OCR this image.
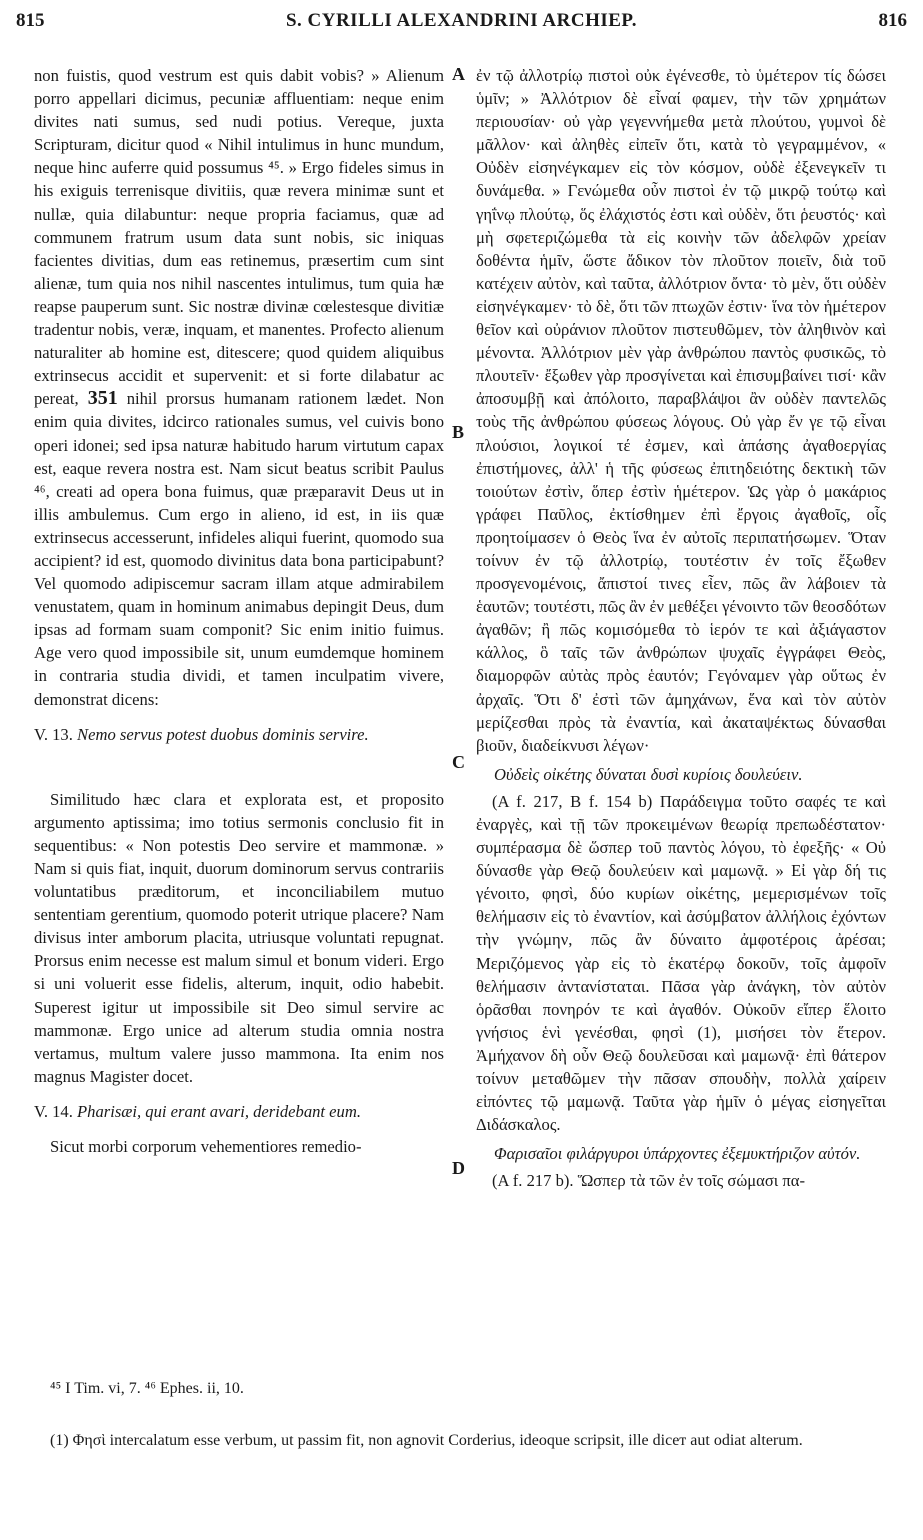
815	S. CYRILLI ALEXANDRINI ARCHIEP.	816

non fuistis, quod vestrum est quis dabit vobis? » Alienum porro appellari dicimus, pecuniæ affluentiam: neque enim divites nati sumus, sed nudi potius. Vereque, juxta Scripturam, dicitur quod « Nihil intulimus in hunc mundum, neque hinc auferre quid possumus ⁴⁵. » Ergo fideles simus in his exiguis terrenisque divitiis, quæ revera minimæ sunt et nullæ, quia dilabuntur: neque propria faciamus, quæ ad communem fratrum usum data sunt nobis, sic iniquas facientes divitias, dum eas retinemus, præsertim cum sint alienæ, tum quia nos nihil nascentes intulimus, tum quia hæ reapse pauperum sunt. Sic nostræ divinæ cœlestesque divitiæ tradentur nobis, veræ, inquam, et manentes. Profecto alienum naturaliter ab homine est, ditescere; quod quidem aliquibus extrinsecus accidit et supervenit: et si forte dilabatur ac pereat, 351 nihil prorsus humanam rationem lædet. Non enim quia divites, idcirco rationales sumus, vel cuivis bono operi idonei; sed ipsa naturæ habitudo harum virtutum capax est, eaque revera nostra est. Nam sicut beatus scribit Paulus ⁴⁶, creati ad opera bona fuimus, quæ præparavit Deus ut in illis ambulemus. Cum ergo in alieno, id est, in iis quæ extrinsecus accesserunt, infideles aliqui fuerint, quomodo sua accipient? id est, quomodo divinitus data bona participabunt? Vel quomodo adipiscemur sacram illam atque admirabilem venustatem, quam in hominum animabus depingit Deus, dum ipsas ad formam suam componit? Sic enim initio fuimus. Age vero quod impossibile sit, unum eumdemque hominem in contraria studia dividi, et tamen inculpatim vivere, demonstrat dicens:

V. 13. Nemo servus potest duobus dominis servire.

Similitudo hæc clara et explorata est, et proposito argumento aptissima; imo totius sermonis conclusio fit in sequentibus: « Non potestis Deo servire et mammonæ. » Nam si quis fiat, inquit, duorum dominorum servus contrariis voluntatibus præditorum, et inconciliabilem mutuo sententiam gerentium, quomodo poterit utrique placere? Nam divisus inter amborum placita, utriusque voluntati repugnat. Prorsus enim necesse est malum simul et bonum videri. Ergo si uni voluerit esse fidelis, alterum, inquit, odio habebit. Superest igitur ut impossibile sit Deo simul servire ac mammonæ. Ergo unice ad alterum studia omnia nostra vertamus, multum valere jusso mammona. Ita enim nos magnus Magister docet.

V. 14. Pharisæi, qui erant avari, deridebant eum.

Sicut morbi corporum vehementiores remedio-

A
B
C
D

ἐν τῷ ἀλλοτρίῳ πιστοὶ οὐκ ἐγένεσθε, τὸ ὑμέτερον τίς δώσει ὑμῖν; » Ἀλλότριον δὲ εἶναί φαμεν, τὴν τῶν χρημάτων περιουσίαν· οὐ γὰρ γεγεννήμεθα μετὰ πλούτου, γυμνοὶ δὲ μᾶλλον· καὶ ἀληθὲς εἰπεῖν ὅτι, κατὰ τὸ γεγραμμένον, « Οὐδὲν εἰσηνέγκαμεν εἰς τὸν κόσμον, οὐδὲ ἐξενεγκεῖν τι δυνάμεθα. » Γενώμεθα οὖν πιστοὶ ἐν τῷ μικρῷ τούτῳ καὶ γηΐνῳ πλούτῳ, ὅς ἐλάχιστός ἐστι καὶ οὐδὲν, ὅτι ῥευστός· καὶ μὴ σφετεριζώμεθα τὰ εἰς κοινὴν τῶν ἀδελφῶν χρείαν δοθέντα ἡμῖν, ὥστε ἄδικον τὸν πλοῦτον ποιεῖν, διὰ τοῦ κατέχειν αὐτὸν, καὶ ταῦτα, ἀλλότριον ὄντα· τὸ μὲν, ὅτι οὐδὲν εἰσηνέγκαμεν· τὸ δὲ, ὅτι τῶν πτωχῶν ἐστιν· ἵνα τὸν ἡμέτερον θεῖον καὶ οὐράνιον πλοῦτον πιστευθῶμεν, τὸν ἀληθινὸν καὶ μένοντα. Ἀλλότριον μὲν γὰρ ἀνθρώπου παντὸς φυσικῶς, τὸ πλουτεῖν· ἔξωθεν γὰρ προσγίνεται καὶ ἐπισυμβαίνει τισί· κἂν ἀποσυμβῇ καὶ ἀπόλοιτο, παραβλάψοι ἂν οὐδὲν παντελῶς τοὺς τῆς ἀνθρώπου φύσεως λόγους. Οὐ γὰρ ἔν γε τῷ εἶναι πλούσιοι, λογικοί τέ ἐσμεν, καὶ ἁπάσης ἀγαθοεργίας ἐπιστήμονες, ἀλλ' ἡ τῆς φύσεως ἐπιτηδειότης δεκτικὴ τῶν τοιούτων ἐστὶν, ὅπερ ἐστὶν ἡμέτερον. Ὡς γὰρ ὁ μακάριος γράφει Παῦλος, ἐκτίσθημεν ἐπὶ ἔργοις ἀγαθοῖς, οἷς προητοίμασεν ὁ Θεὸς ἵνα ἐν αὐτοῖς περιπατήσωμεν. Ὅταν τοίνυν ἐν τῷ ἀλλοτρίῳ, τουτέστιν ἐν τοῖς ἔξωθεν προσγενομένοις, ἄπιστοί τινες εἶεν, πῶς ἂν λάβοιεν τὰ ἑαυτῶν; τουτέστι, πῶς ἂν ἐν μεθέξει γένοιντο τῶν θεοσδότων ἀγαθῶν; ἢ πῶς κομισόμεθα τὸ ἱερόν τε καὶ ἀξιάγαστον κάλλος, ὃ ταῖς τῶν ἀνθρώπων ψυχαῖς ἐγγράφει Θεὸς, διαμορφῶν αὐτὰς πρὸς ἑαυτόν; Γεγόναμεν γὰρ οὕτως ἐν ἀρχαῖς. Ὅτι δ' ἐστὶ τῶν ἀμηχάνων, ἕνα καὶ τὸν αὐτὸν μερίζεσθαι πρὸς τὰ ἐναντία, καὶ ἀκαταψέκτως δύνασθαι βιοῦν, διαδείκνυσι λέγων·

Οὐδεὶς οἰκέτης δύναται δυσὶ κυρίοις δουλεύειν.

(A f. 217, B f. 154 b) Παράδειγμα τοῦτο σαφές τε καὶ ἐναργὲς, καὶ τῇ τῶν προκειμένων θεωρίᾳ πρεπωδέστατον· συμπέρασμα δὲ ὥσπερ τοῦ παντὸς λόγου, τὸ ἐφεξῆς· « Οὐ δύνασθε γὰρ Θεῷ δουλεύειν καὶ μαμωνᾷ. » Εἰ γὰρ δή τις γένοιτο, φησὶ, δύο κυρίων οἰκέτης, μεμερισμένων τοῖς θελήμασιν εἰς τὸ ἐναντίον, καὶ ἀσύμβατον ἀλλήλοις ἐχόντων τὴν γνώμην, πῶς ἂν δύναιτο ἀμφοτέροις ἀρέσαι; Μεριζόμενος γὰρ εἰς τὸ ἑκατέρῳ δοκοῦν, τοῖς ἀμφοῖν θελήμασιν ἀντανίσταται. Πᾶσα γὰρ ἀνάγκη, τὸν αὐτὸν ὁρᾶσθαι πονηρόν τε καὶ ἀγαθόν. Οὐκοῦν εἴπερ ἕλοιτο γνήσιος ἑνὶ γενέσθαι, φησὶ (1), μισήσει τὸν ἕτερον. Ἀμήχανον δὴ οὖν Θεῷ δουλεῦσαι καὶ μαμωνᾷ· ἐπὶ θάτερον τοίνυν μεταθῶμεν τὴν πᾶσαν σπουδὴν, πολλὰ χαίρειν εἰπόντες τῷ μαμωνᾷ. Ταῦτα γὰρ ἡμῖν ὁ μέγας εἰσηγεῖται Διδάσκαλος.

Φαρισαῖοι φιλάργυροι ὑπάρχοντες ἐξεμυκτήριζον αὐτόν.

(A f. 217 b). Ὥσπερ τὰ τῶν ἐν τοῖς σώμασι πα-

⁴⁵ I Tim. vi, 7. ⁴⁶ Ephes. ii, 10.
(1) Φησὶ intercalatum esse verbum, ut passim fit, non agnovit Corderius, ideoque scripsit, ille diceт aut odiat alterum.
